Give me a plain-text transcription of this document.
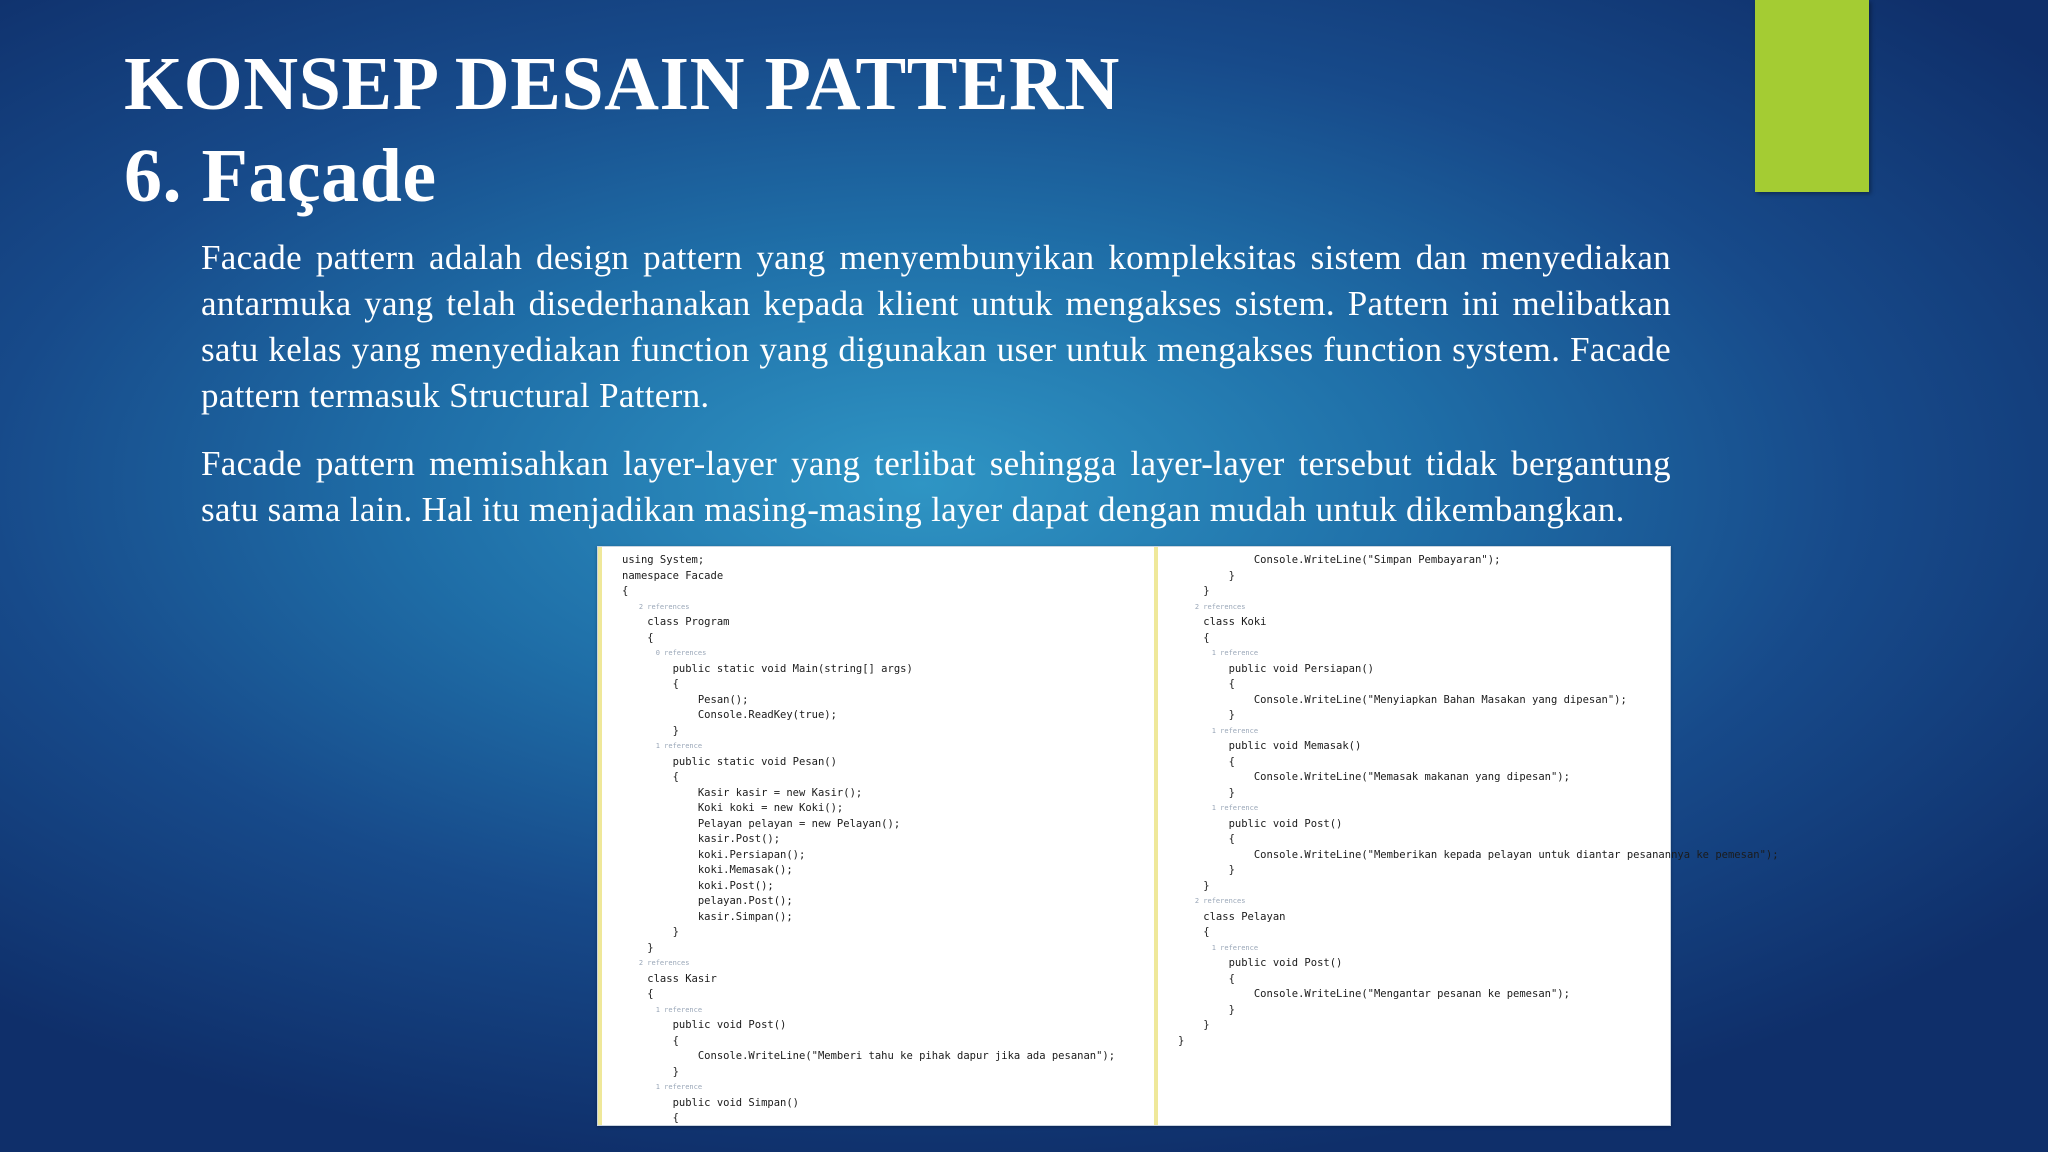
KONSEP DESAIN PATTERN
6. Façade

Facade pattern adalah design pattern yang menyembunyikan kompleksitas sistem dan menyediakan antarmuka yang telah disederhanakan kepada klient untuk mengakses sistem. Pattern ini melibatkan satu kelas yang menyediakan function yang digunakan user untuk mengakses function system. Facade pattern termasuk Structural Pattern.

Facade pattern memisahkan layer-layer yang terlibat sehingga layer-layer tersebut tidak bergantung satu sama lain. Hal itu menjadikan masing-masing layer dapat dengan mudah untuk dikembangkan.

using System;
namespace Facade
{
2 references
class Program
{
0 references
public static void Main(string[] args)
{
Pesan();
Console.ReadKey(true);
}
1 reference
public static void Pesan()
{
Kasir kasir = new Kasir();
Koki koki = new Koki();
Pelayan pelayan = new Pelayan();
kasir.Post();
koki.Persiapan();
koki.Memasak();
koki.Post();
pelayan.Post();
kasir.Simpan();
}
}
2 references
class Kasir
{
1 reference
public void Post()
{
Console.WriteLine("Memberi tahu ke pihak dapur jika ada pesanan");
}
1 reference
public void Simpan()
{
Console.WriteLine("Simpan Pembayaran");
}
}
2 references
class Koki
{
1 reference
public void Persiapan()
{
Console.WriteLine("Menyiapkan Bahan Masakan yang dipesan");
}
1 reference
public void Memasak()
{
Console.WriteLine("Memasak makanan yang dipesan");
}
1 reference
public void Post()
{
Console.WriteLine("Memberikan kepada pelayan untuk diantar pesanannya ke pemesan");
}
}
2 references
class Pelayan
{
1 reference
public void Post()
{
Console.WriteLine("Mengantar pesanan ke pemesan");
}
}
}
